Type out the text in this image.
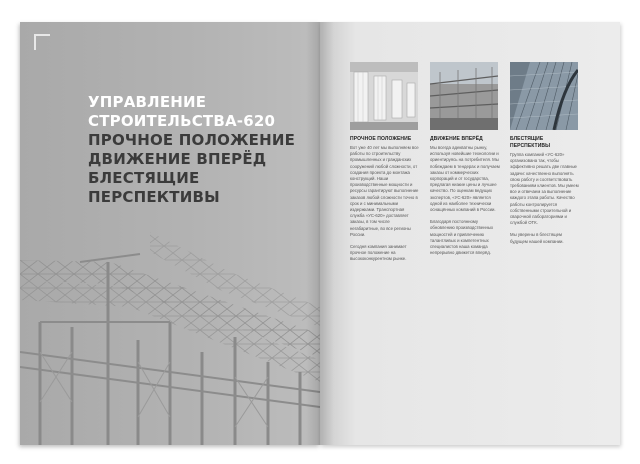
УПРАВЛЕНИЕ
СТРОИТЕЛЬСТВА-620
ПРОЧНОЕ ПОЛОЖЕНИЕ
ДВИЖЕНИЕ ВПЕРЁД
БЛЕСТЯЩИЕ ПЕРСПЕКТИВЫ
ПРОЧНОЕ ПОЛОЖЕНИЕ

Вот уже 40 лет мы выполняем все работы по строительству промышленных и гражданских сооружений любой сложности, от создания проекта до монтажа конструкций. Наши производственные мощности и ресурсы гарантируют выполнение заказов любой сложности точно в срок и с минимальными издержками. Транспортная служба «УС-620» доставляет заказы, в том числе негабаритные, во все регионы России.

Сегодня компания занимает прочное положение на высококонкурентном рынке.

ДВИЖЕНИЕ ВПЕРЁД

Мы всегда адекватны рынку, используя новейшие технологии и ориентируясь на потребителя. Мы побеждаем в тендерах и получаем заказы от коммерческих корпораций и от государства, предлагая низкие цены и лучшее качество. По оценкам ведущих экспертов, «УС-620» является одной из наиболее технически оснащённых компаний в России.

Благодаря постоянному обновлению производственных мощностей и привлечению талантливых и компетентных специалистов наша команда непрерывно движется вперёд.

БЛЕСТЯЩИЕ ПЕРСПЕКТИВЫ

Группа компаний «УС-620» организована так, чтобы эффективно решать две главные задачи: качественно выполнять свою работу и соответствовать требованиям клиентов. Мы умеем все и отвечаем за выполнение каждого этапа работы. Качество работы контролируется собственными строительной и сварочной лабораториями и службой ОТК.

Мы уверены в блестящем будущем нашей компании.
